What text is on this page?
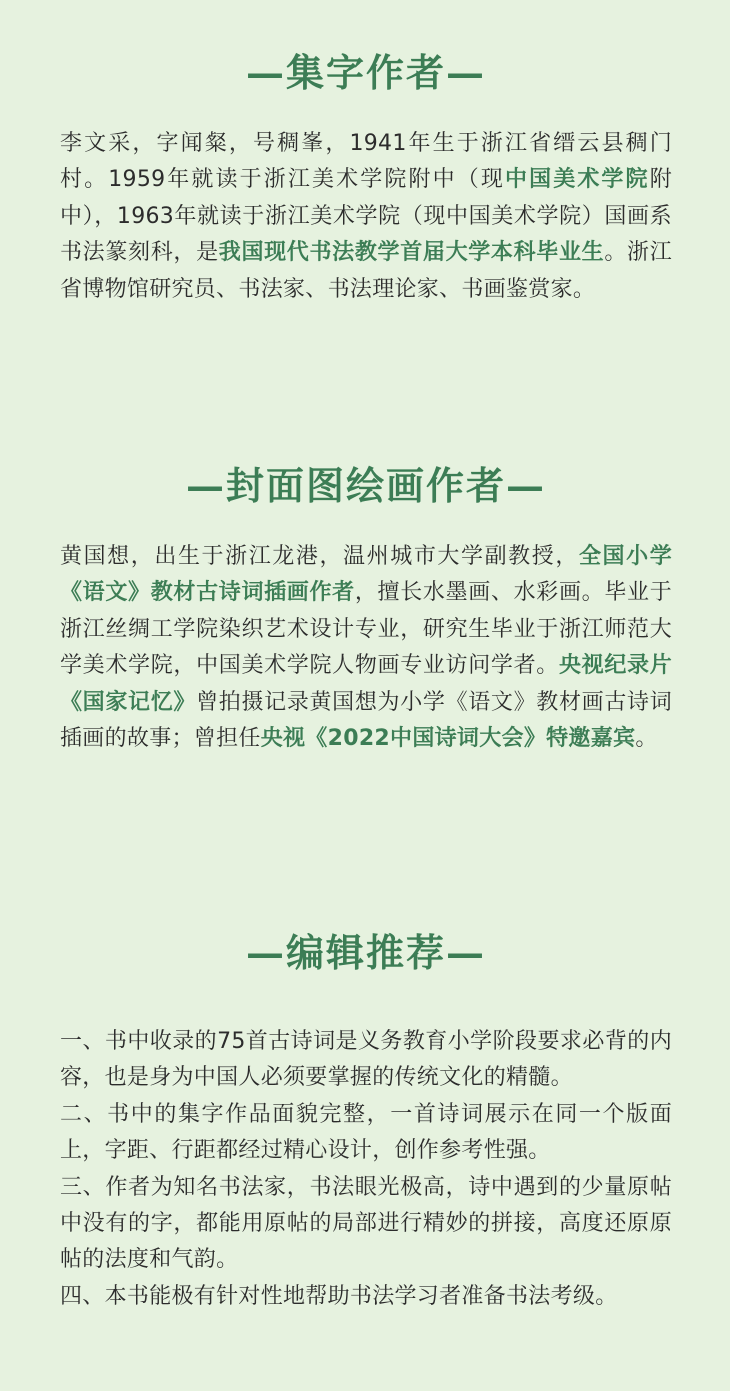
—集字作者—

李文采，字闻粲，号稠峯，1941年生于浙江省缙云县稠门村。1959年就读于浙江美术学院附中（现中国美术学院附中），1963年就读于浙江美术学院（现中国美术学院）国画系书法篆刻科，是我国现代书法教学首届大学本科毕业生。浙江省博物馆研究员、书法家、书法理论家、书画鉴赏家。

—封面图绘画作者—

黄国想，出生于浙江龙港，温州城市大学副教授，全国小学《语文》教材古诗词插画作者，擅长水墨画、水彩画。毕业于浙江丝绸工学院染织艺术设计专业，研究生毕业于浙江师范大学美术学院，中国美术学院人物画专业访问学者。央视纪录片《国家记忆》曾拍摄记录黄国想为小学《语文》教材画古诗词插画的故事；曾担任央视《2022中国诗词大会》特邀嘉宾。

—编辑推荐—
一、书中收录的75首古诗词是义务教育小学阶段要求必背的内容，也是身为中国人必须要掌握的传统文化的精髓。
二、书中的集字作品面貌完整，一首诗词展示在同一个版面上，字距、行距都经过精心设计，创作参考性强。
三、作者为知名书法家，书法眼光极高，诗中遇到的少量原帖中没有的字，都能用原帖的局部进行精妙的拼接，高度还原原帖的法度和气韵。
四、本书能极有针对性地帮助书法学习者准备书法考级。
